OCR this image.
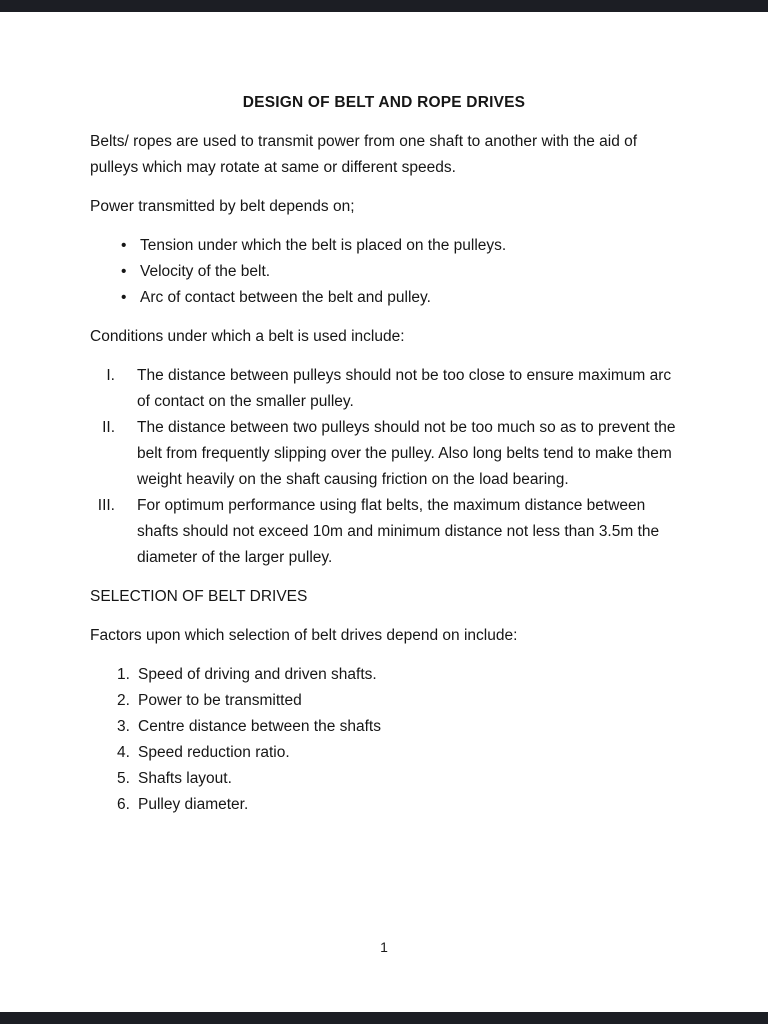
DESIGN OF BELT AND ROPE DRIVES

Belts/ ropes are used to transmit power from one shaft to another with the aid of pulleys which may rotate at same or different speeds.

Power transmitted by belt depends on;

• Tension under which the belt is placed on the pulleys.
• Velocity of the belt.
• Arc of contact between the belt and pulley.

Conditions under which a belt is used include:

I. The distance between pulleys should not be too close to ensure maximum arc of contact on the smaller pulley.
II. The distance between two pulleys should not be too much so as to prevent the belt from frequently slipping over the pulley. Also long belts tend to make them weight heavily on the shaft causing friction on the load bearing.
III. For optimum performance using flat belts, the maximum distance between shafts should not exceed 10m and minimum distance not less than 3.5m the diameter of the larger pulley.

SELECTION OF BELT DRIVES

Factors upon which selection of belt drives depend on include:

1. Speed of driving and driven shafts.
2. Power to be transmitted
3. Centre distance between the shafts
4. Speed reduction ratio.
5. Shafts layout.
6. Pulley diameter.
1
